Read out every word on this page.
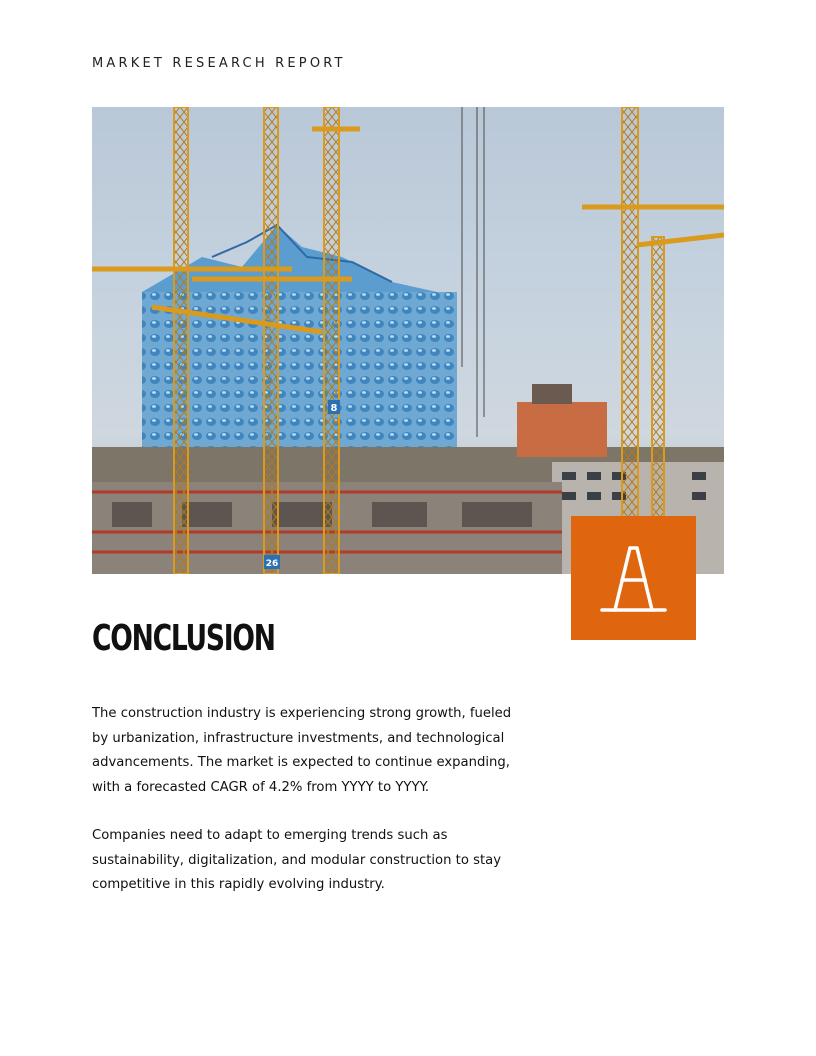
MARKET RESEARCH REPORT
8
26
CONCLUSION

The construction industry is experiencing strong growth, fueled by urbanization, infrastructure investments, and technological advancements. The market is expected to continue expanding, with a forecasted CAGR of 4.2% from YYYY to YYYY.

Companies need to adapt to emerging trends such as sustainability, digitalization, and modular construction to stay competitive in this rapidly evolving industry.
